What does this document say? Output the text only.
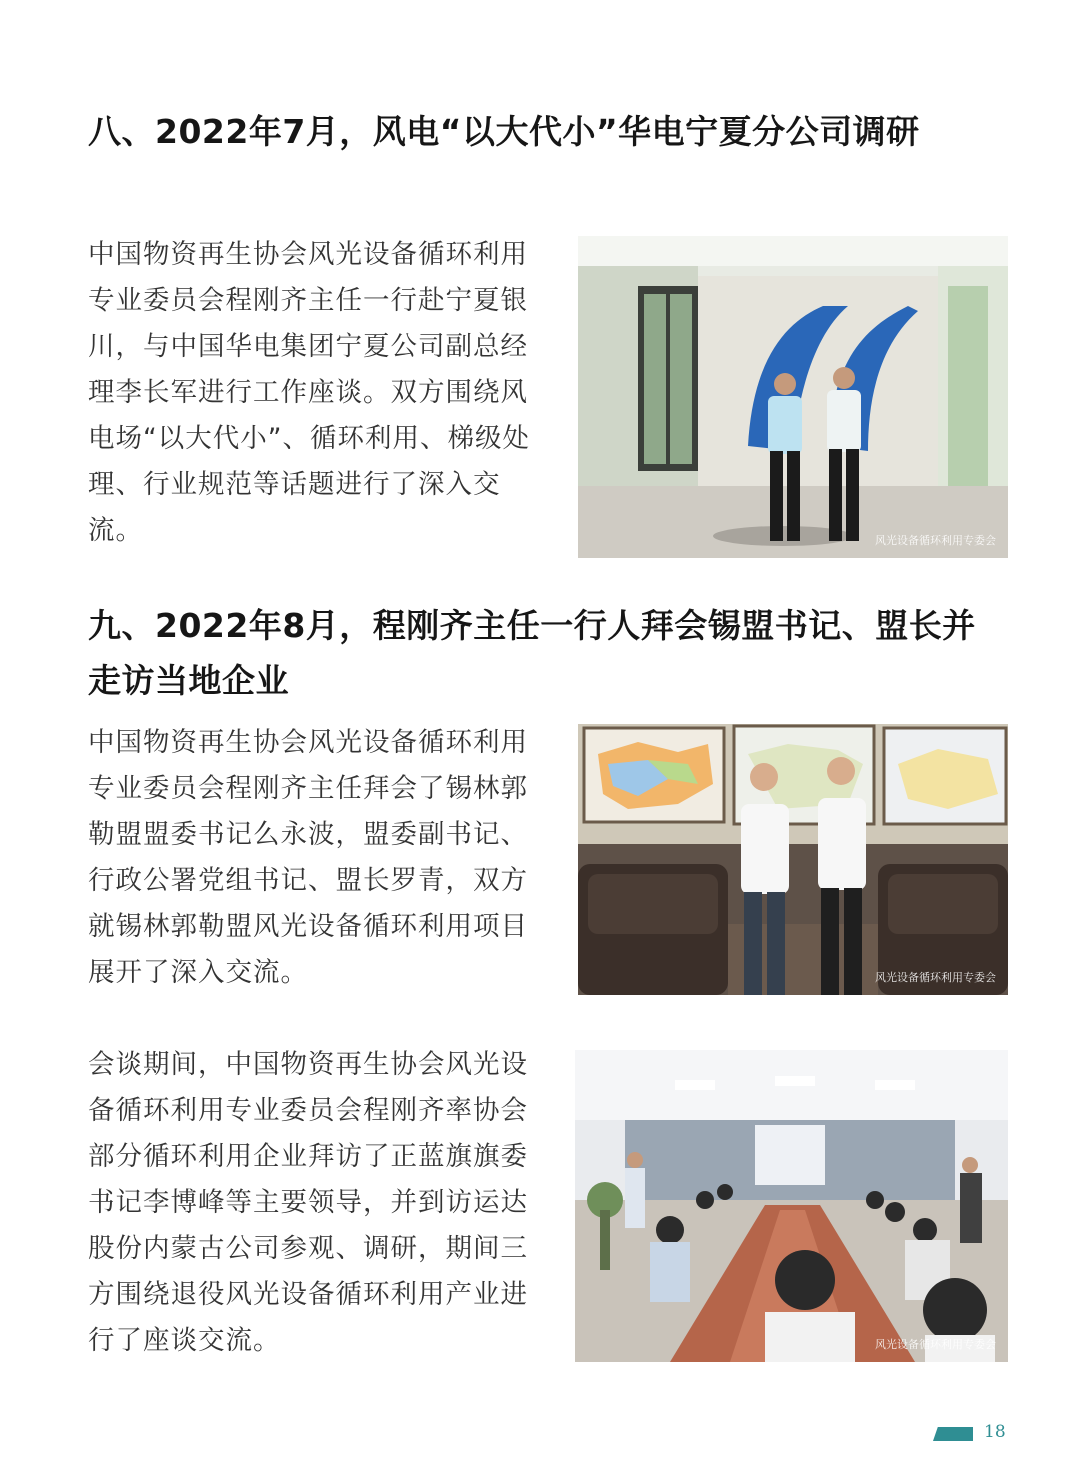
八、2022年7月，风电“以大代小”华电宁夏分公司调研
中国物资再生协会风光设备循环利用专业委员会程刚齐主任一行赴宁夏银川，与中国华电集团宁夏公司副总经理李长军进行工作座谈。双方围绕风电场“以大代小”、循环利用、梯级处理、行业规范等话题进行了深入交流。	风光设备循环利用专委会
九、2022年8月，程刚齐主任一行人拜会锡盟书记、盟长并走访当地企业
中国物资再生协会风光设备循环利用专业委员会程刚齐主任拜会了锡林郭勒盟盟委书记么永波，盟委副书记、行政公署党组书记、盟长罗青，双方就锡林郭勒盟风光设备循环利用项目展开了深入交流。	风光设备循环利用专委会
会谈期间，中国物资再生协会风光设备循环利用专业委员会程刚齐率协会部分循环利用企业拜访了正蓝旗旗委书记李博峰等主要领导，并到访运达股份内蒙古公司参观、调研，期间三方围绕退役风光设备循环利用产业进行了座谈交流。	风光设备循环利用专委会
18
